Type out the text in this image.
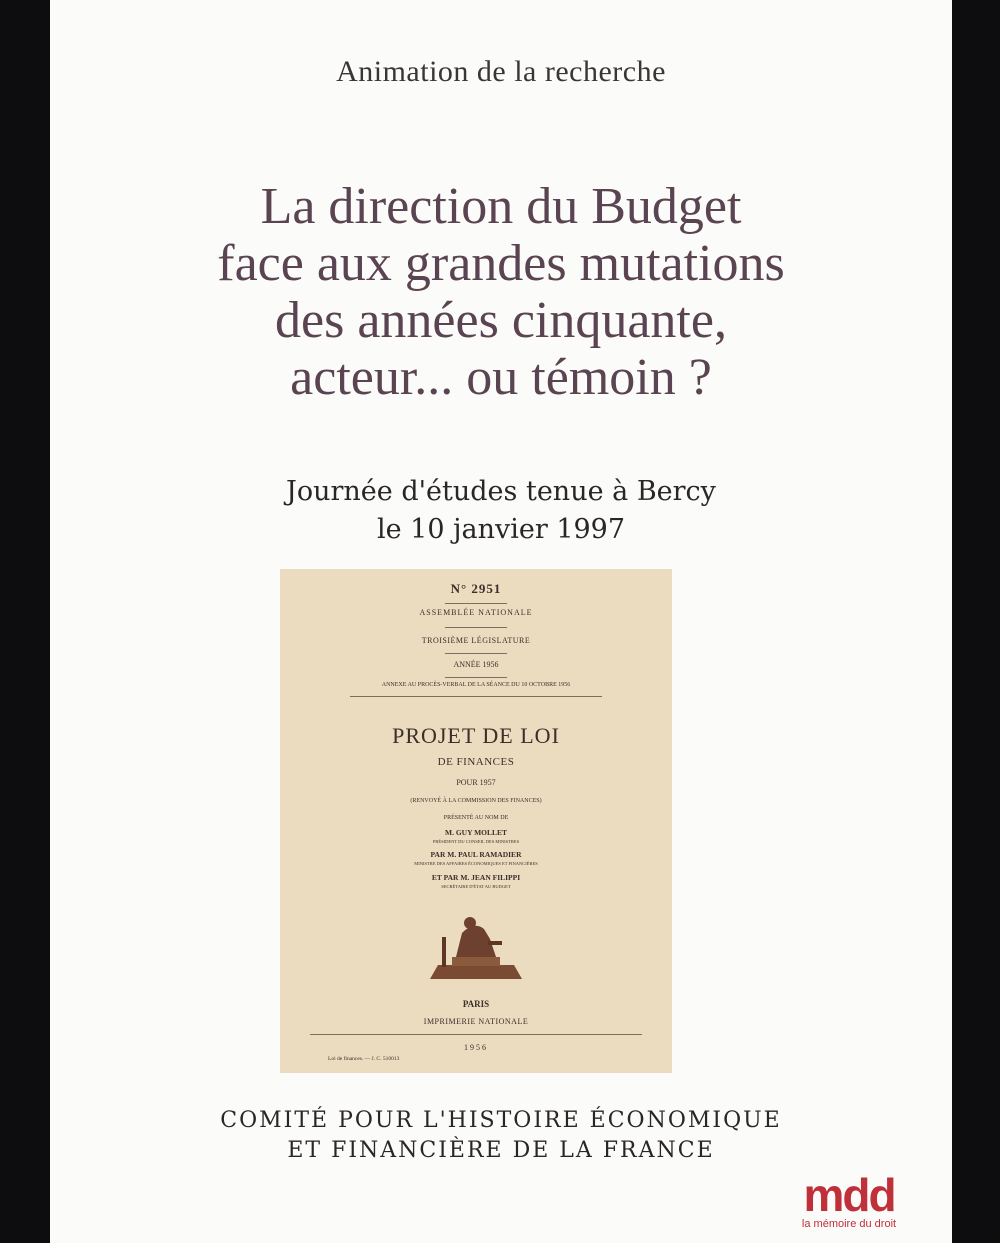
Animation de la recherche
La direction du Budget
face aux grandes mutations
des années cinquante,
acteur... ou témoin ?
Journée d'études tenue à Bercy
le 10 janvier 1997
N° 2951
ASSEMBLÉE NATIONALE
TROISIÈME LÉGISLATURE
ANNÉE 1956
ANNEXE AU PROCÈS-VERBAL DE LA SÉANCE DU 10 OCTOBRE 1956
PROJET DE LOI
DE FINANCES
POUR 1957
(RENVOYÉ À LA COMMISSION DES FINANCES)
PRÉSENTÉ AU NOM DE
M. GUY MOLLET
PRÉSIDENT DU CONSEIL DES MINISTRES
PAR M. PAUL RAMADIER
MINISTRE DES AFFAIRES ÉCONOMIQUES ET FINANCIÈRES
ET PAR M. JEAN FILIPPI
SECRÉTAIRE D'ÉTAT AU BUDGET
PARIS
IMPRIMERIE NATIONALE
1956
Loi de finances. — J. C. 510013
COMITÉ POUR L'HISTOIRE ÉCONOMIQUE
ET FINANCIÈRE DE LA FRANCE
mdd
la mémoire du droit
